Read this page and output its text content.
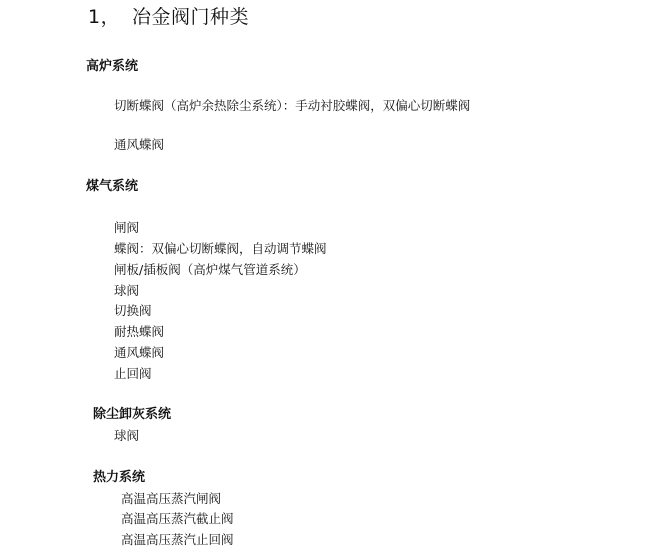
1， 冶金阀门种类
高炉系统
切断蝶阀（高炉余热除尘系统）：手动衬胶蝶阀，双偏心切断蝶阀
通风蝶阀
煤气系统
闸阀
蝶阀：双偏心切断蝶阀，自动调节蝶阀
闸板/插板阀（高炉煤气管道系统）
球阀
切换阀
耐热蝶阀
通风蝶阀
止回阀
除尘卸灰系统
球阀
热力系统
高温高压蒸汽闸阀
高温高压蒸汽截止阀
高温高压蒸汽止回阀
